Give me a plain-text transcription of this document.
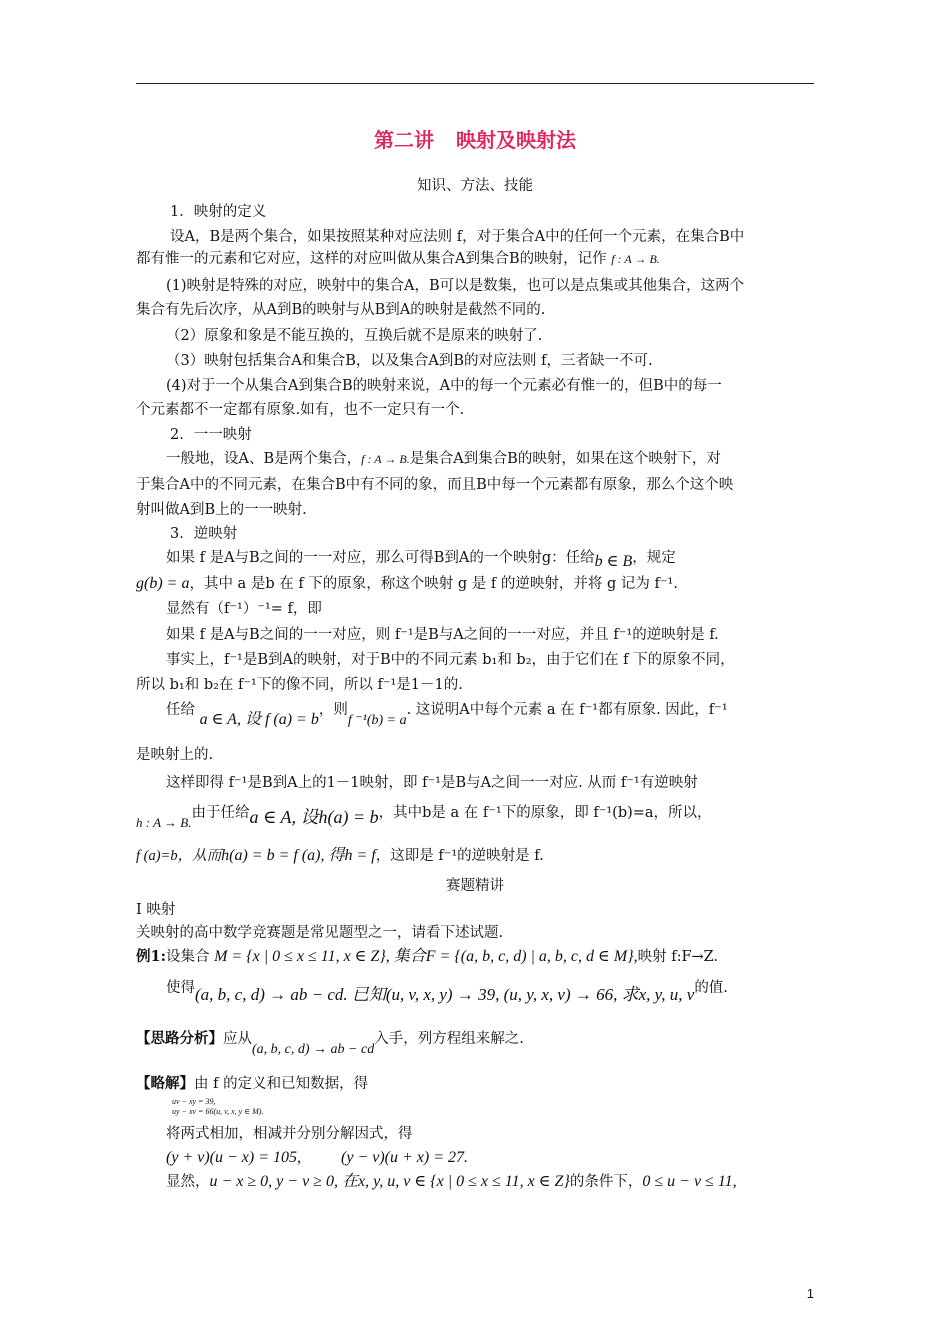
第二讲 映射及映射法
知识、方法、技能
1．映射的定义
设A，B是两个集合，如果按照某种对应法则 f，对于集合A中的任何一个元素，在集合B中
都有惟一的元素和它对应，这样的对应叫做从集合A到集合B的映射，记作 f : A → B.
(1)映射是特殊的对应，映射中的集合A，B可以是数集，也可以是点集或其他集合，这两个
集合有先后次序，从A到B的映射与从B到A的映射是截然不同的.
（2）原象和象是不能互换的，互换后就不是原来的映射了.
（3）映射包括集合A和集合B，以及集合A到B的对应法则 f，三者缺一不可.
(4)对于一个从集合A到集合B的映射来说，A中的每一个元素必有惟一的，但B中的每一
个元素都不一定都有原象.如有，也不一定只有一个.
2．一一映射
一般地，设A、B是两个集合，f : A → B.是集合A到集合B的映射，如果在这个映射下，对
于集合A中的不同元素，在集合B中有不同的象，而且B中每一个元素都有原象，那么个这个映
射叫做A到B上的一一映射.
3．逆映射
如果 f 是A与B之间的一一对应，那么可得B到A的一个映射g：任给b ∈ B，规定
g(b) = a，其中 a 是b 在 f 下的原象，称这个映射 g 是 f 的逆映射，并将 g 记为 f⁻¹.
显然有（f⁻¹）⁻¹= f，即
如果 f 是A与B之间的一一对应，则 f⁻¹是B与A之间的一一对应，并且 f⁻¹的逆映射是 f.
事实上，f⁻¹是B到A的映射，对于B中的不同元素 b₁和 b₂，由于它们在 f 下的原象不同，
所以 b₁和 b₂在 f⁻¹下的像不同，所以 f⁻¹是1－1的.
任给 a ∈ A, 设 f (a) = b，则f ⁻¹(b) = a. 这说明A中每个元素 a 在 f⁻¹都有原象. 因此，f⁻¹
是映射上的.
这样即得 f⁻¹是B到A上的1－1映射，即 f⁻¹是B与A之间一一对应. 从而 f⁻¹有逆映射
h : A → B.由于任给a ∈ A, 设h(a) = b，其中b是 a 在 f⁻¹下的原象，即 f⁻¹(b)=a，所以，
f (a)=b，从而h(a) = b = f (a), 得h = f，这即是 f⁻¹的逆映射是 f.
赛题精讲
Ⅰ 映射
关映射的高中数学竞赛题是常见题型之一，请看下述试题.
例1:设集合 M = {x | 0 ≤ x ≤ 11, x ∈ Z}, 集合F = {(a, b, c, d) | a, b, c, d ∈ M},映射 f:F→Z.
使得(a, b, c, d) → ab − cd. 已知(u, v, x, y) → 39, (u, y, x, v) → 66, 求x, y, u, v的值.
【思路分析】应从(a, b, c, d) → ab − cd入手，列方程组来解之.
【略解】由 f 的定义和已知数据，得
uv − xy = 39,
uy − xv = 66(u, v, x, y ∈ M).
将两式相加，相减并分别分解因式，得
(y + v)(u − x) = 105,	(y − v)(u + x) = 27.
显然，u − x ≥ 0, y − v ≥ 0, 在x, y, u, v ∈ {x | 0 ≤ x ≤ 11, x ∈ Z}的条件下，0 ≤ u − v ≤ 11,
1
